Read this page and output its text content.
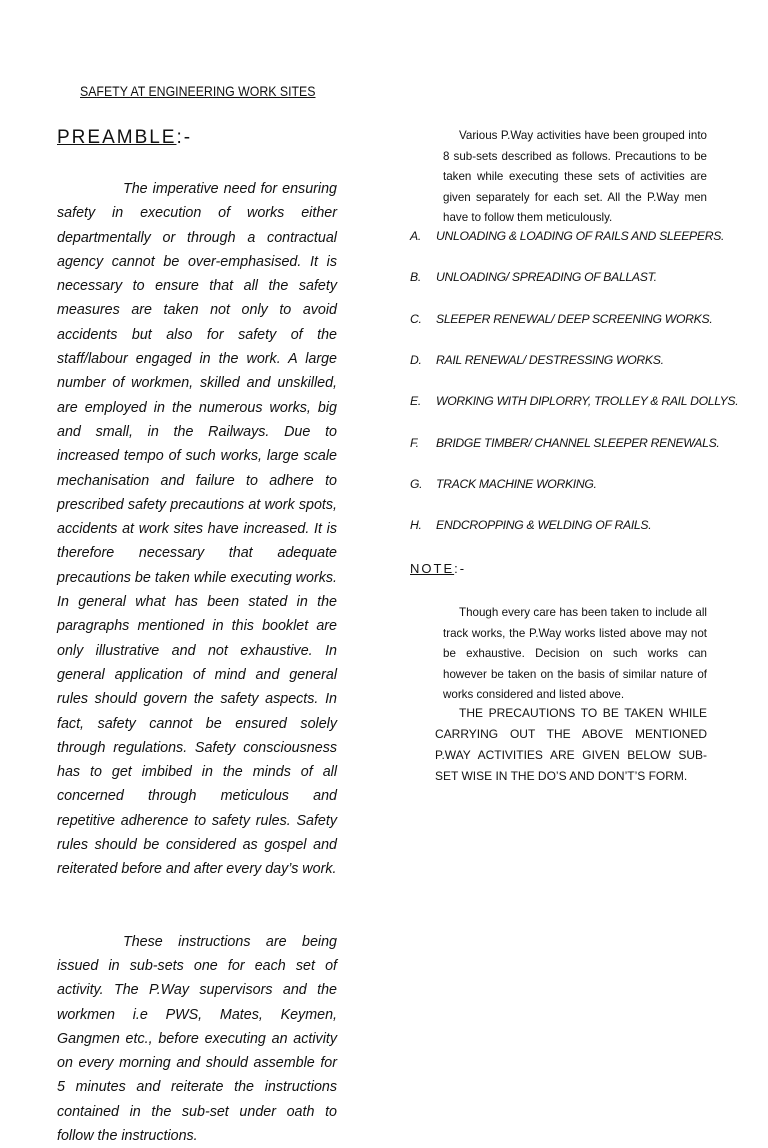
SAFETY AT ENGINEERING WORK SITES
PREAMBLE:-

The imperative need for ensuring safety in execution of works either departmentally or through a contractual agency cannot be over-emphasised. It is necessary to ensure that all the safety measures are taken not only to avoid accidents but also for safety of the staff/labour engaged in the work. A large number of workmen, skilled and unskilled, are employed in the numerous works, big and small, in the Railways. Due to increased tempo of such works, large scale mechanisation and failure to adhere to prescribed safety precautions at work spots, accidents at work sites have increased. It is therefore necessary that adequate precautions be taken while executing works. In general what has been stated in the paragraphs mentioned in this booklet are only illustrative and not exhaustive. In general application of mind and general rules should govern the safety aspects. In fact, safety cannot be ensured solely through regulations. Safety consciousness has to get imbibed in the minds of all concerned through meticulous and repetitive adherence to safety rules. Safety rules should be considered as gospel and reiterated before and after every day’s work.

These instructions are being issued in sub-sets one for each set of activity. The P.Way supervisors and the workmen i.e PWS, Mates, Keymen, Gangmen etc., before executing an activity on every morning and should assemble for 5 minutes and reiterate the instructions contained in the sub-set under oath to follow the instructions.

Various P.Way activities have been grouped into 8 sub-sets described as follows. Precautions to be taken while executing these sets of activities are given separately for each set. All the P.Way men have to follow them meticulously.

A. UNLOADING & LOADING OF RAILS AND SLEEPERS.
B. UNLOADING/ SPREADING OF BALLAST.
C. SLEEPER RENEWAL/ DEEP SCREENING WORKS.
D. RAIL RENEWAL/ DESTRESSING WORKS.
E. WORKING WITH DIPLORRY, TROLLEY & RAIL DOLLYS.
F. BRIDGE TIMBER/ CHANNEL SLEEPER RENEWALS.
G. TRACK MACHINE WORKING.
H. ENDCROPPING & WELDING OF RAILS.
NOTE:-

Though every care has been taken to include all track works, the P.Way works listed above may not be exhaustive. Decision on such works can however be taken on the basis of similar nature of works considered and listed above.

THE PRECAUTIONS TO BE TAKEN WHILE CARRYING OUT THE ABOVE MENTIONED P.WAY ACTIVITIES ARE GIVEN BELOW SUB-SET WISE IN THE DO’S AND DON’T’S FORM.
